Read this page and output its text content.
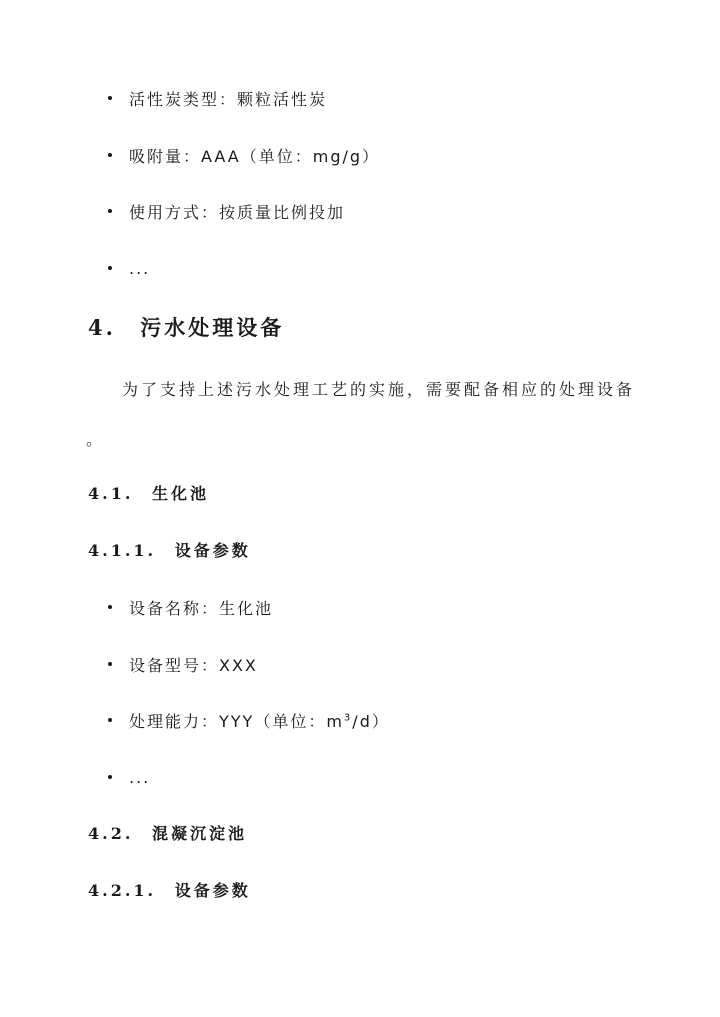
活性炭类型：颗粒活性炭
吸附量：AAA（单位：mg/g）
使用方式：按质量比例投加
...
4. 污水处理设备
为了支持上述污水处理工艺的实施，需要配备相应的处理设备
。
4.1. 生化池
4.1.1. 设备参数
设备名称：生化池
设备型号：XXX
处理能力：YYY（单位：$m^3/d$）
...
4.2. 混凝沉淀池
4.2.1. 设备参数
